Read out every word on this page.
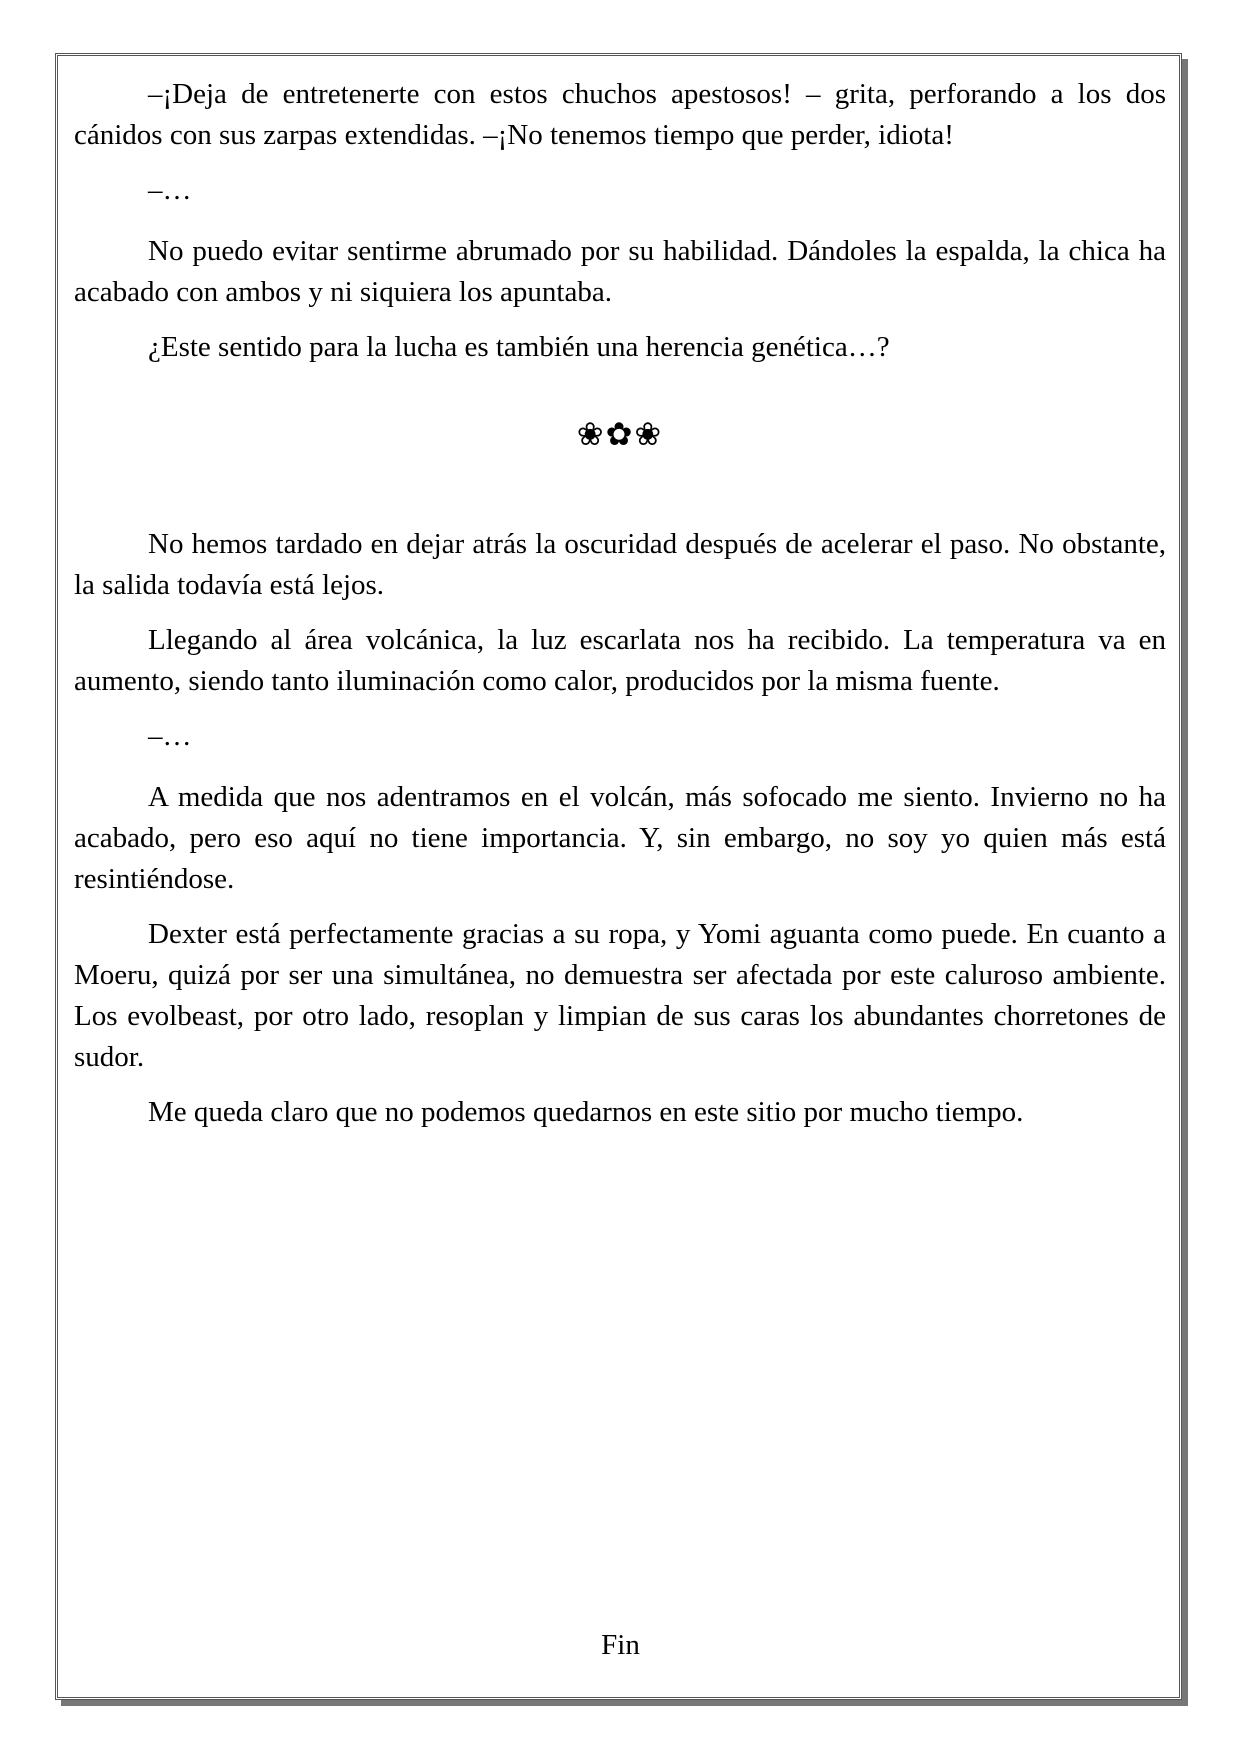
–¡Deja de entretenerte con estos chuchos apestosos! – grita, perforando a los dos cánidos con sus zarpas extendidas. –¡No tenemos tiempo que perder, idiota!

–…

No puedo evitar sentirme abrumado por su habilidad. Dándoles la espalda, la chica ha acabado con ambos y ni siquiera los apuntaba.

¿Este sentido para la lucha es también una herencia genética…?

❀✿❀

No hemos tardado en dejar atrás la oscuridad después de acelerar el paso. No obstante, la salida todavía está lejos.

Llegando al área volcánica, la luz escarlata nos ha recibido. La temperatura va en aumento, siendo tanto iluminación como calor, producidos por la misma fuente.

–…

A medida que nos adentramos en el volcán, más sofocado me siento. Invierno no ha acabado, pero eso aquí no tiene importancia. Y, sin embargo, no soy yo quien más está resintiéndose.

Dexter está perfectamente gracias a su ropa, y Yomi aguanta como puede. En cuanto a Moeru, quizá por ser una simultánea, no demuestra ser afectada por este caluroso ambiente. Los evolbeast, por otro lado, resoplan y limpian de sus caras los abundantes chorretones de sudor.

Me queda claro que no podemos quedarnos en este sitio por mucho tiempo.

Fin
